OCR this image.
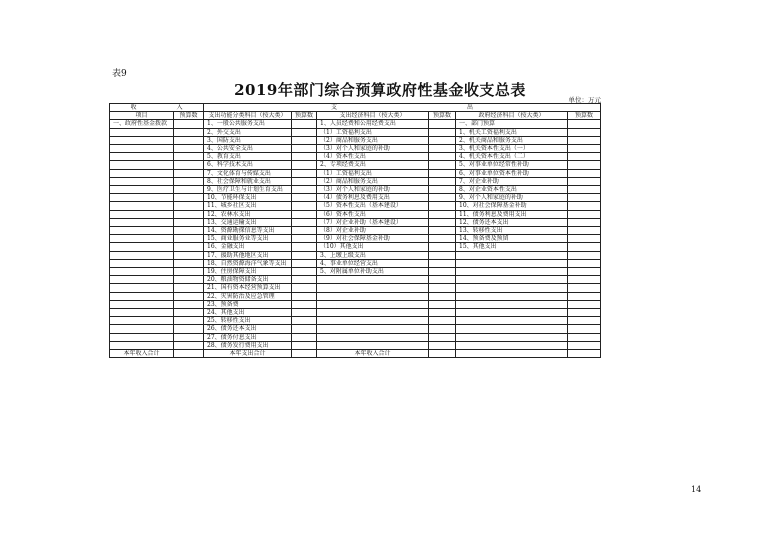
表9
2019年部门综合预算政府性基金收支总表
单位：万元
收 入		支 出					
项目	预算数	支出功能分类科目（按大类）	预算数	支出经济科目（按大类）	预算数	政府经济科目（按大类）	预算数
一、政府性基金拨款		1、一般公共服务支出		1、人员经费和公用经费支出		一、部门预算	
		2、外交支出		（1）工资福利支出		1、机关工资福利支出	
		3、国防支出		（2）商品和服务支出		2、机关商品和服务支出	
		4、公共安全支出		（3）对个人和家庭的补助		3、机关资本性支出（一）	
		5、教育支出		（4）资本性支出		4、机关资本性支出（二）	
		6、科学技术支出		2、专项经费支出		5、对事业单位经常性补助	
		7、文化体育与传媒支出		（1）工资福利支出		6、对事业单位资本性补助	
		8、社会保障和就业支出		（2）商品和服务支出		7、对企业补助	
		9、医疗卫生与计划生育支出		（3）对个人和家庭的补助		8、对企业资本性支出	
		10、节能环保支出		（4）债务利息及费用支出		9、对个人和家庭的补助	
		11、城乡社区支出		（5）资本性支出（基本建设）		10、对社会保障基金补助	
		12、农林水支出		（6）资本性支出		11、债务利息及费用支出	
		13、交通运输支出		（7）对企业补助（基本建设）		12、债务还本支出	
		14、资源勘探信息等支出		（8）对企业补助		13、转移性支出	
		15、商业服务业等支出		（9）对社会保障基金补助		14、预备费及预留	
		16、金融支出		（10）其他支出		15、其他支出	
		17、援助其他地区支出		3、上缴上级支出			
		18、自然资源海洋气象等支出		4、事业单位经营支出			
		19、住房保障支出		5、对附属单位补助支出			
		20、粮油物资储备支出					
		21、国有资本经营预算支出					
		22、灾害防治及应急管理					
		23、预备费					
		24、其他支出					
		25、转移性支出					
		26、债务还本支出					
		27、债务付息支出					
		28、债务发行费用支出					
本年收入合计		本年支出合计		本年收入合计			
14
